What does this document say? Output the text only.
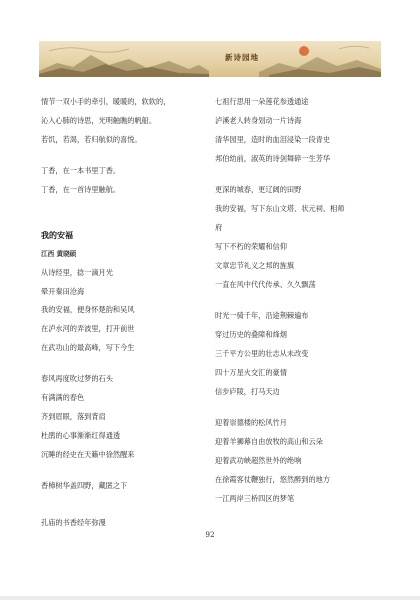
新诗园地
情节一双小手的牵引，暖暖的，软软的，
沁入心肺的诗思，光明触瞧的帆船。
若饥，若渴，若归航似的喜悦。
丁香，在一本书里丁香。
丁香，在一首诗里触航。
我的安福
江西 黄晓硕
从诗经里，捻一滴月光
晕开秦田沧海
我的安福，便身怀楚韵和吴风
在泸水河的弄波里，打开前世
在武功山的最高峰，写下今生
春风再度吹过梦的石头
有满满的春色
齐到眉眼，落到背肩
杜鹃的心事渐渐红得通透
沉睡的经史在天籁中徐然醒来
香樟树华盖四野，藏匿之下
孔庙的书香经年弥漫
七祖行思用一朵莲花参透通途
泸溪老人转身划动一片诗海
清华园里，造时的血泪浸染一段青史
邦伯幼前，淑英的诗剑舞碎一生芳华
更深的城春，更辽阔的田野
我的安福，写下东山文塔、状元祠、相师
府
写下不朽的荣耀和信仰
文章忠节礼义之邦的旌旗
一直在风中代代传承、久久飘荡
时光一骑千年，沿途荆棘遍布
穿过历史的叠障和烽烟
三千平方公里的壮志从未改变
四十万星火交汇的豪情
信步庐陵，打马天边
迎着崇德楼的松风竹月
迎着羊狮幕自由放牧的高山和云朵
迎着武功峡超然世外的绝响
在徐霞客仗鞭独行，悠然醉到的地方
一江两岸三桥四区的梦笔
92
